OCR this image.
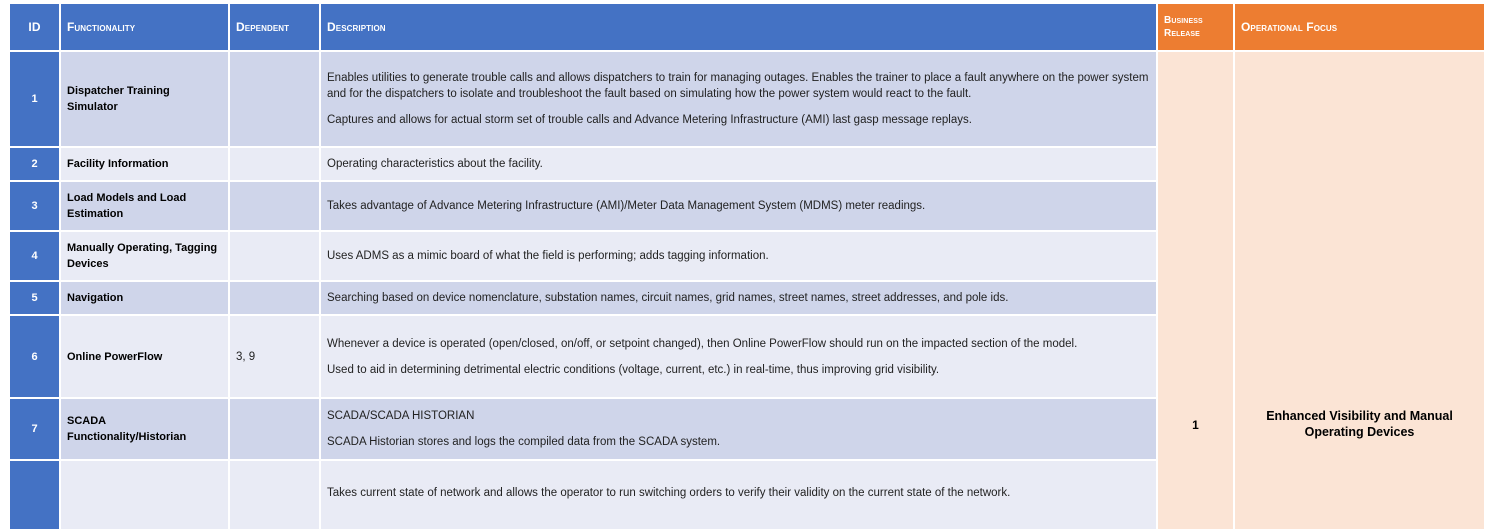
ID	Functionality	Dependent	Description	Business Release	Operational Focus
1	Dispatcher Training Simulator		Enables utilities to generate trouble calls and allows dispatchers to train for managing outages. Enables the trainer to place a fault anywhere on the power system and for the dispatchers to isolate and troubleshoot the fault based on simulating how the power system would react to the fault.

Captures and allows for actual storm set of trouble calls and Advance Metering Infrastructure (AMI) last gasp message replays.	1	Enhanced Visibility and Manual Operating Devices
2	Facility Information		Operating characteristics about the facility.		

3	Load Models and Load Estimation		Takes advantage of Advance Metering Infrastructure (AMI)/Meter Data Management System (MDMS) meter readings.		

4	Manually Operating, Tagging Devices		Uses ADMS as a mimic board of what the field is performing; adds tagging information.		

5	Navigation		Searching based on device nomenclature, substation names, circuit names, grid names, street names, street addresses, and pole ids.		

6	Online PowerFlow	3, 9	Whenever a device is operated (open/closed, on/off, or setpoint changed), then Online PowerFlow should run on the impacted section of the model.

Used to aid in determining detrimental electric conditions (voltage, current, etc.) in real-time, thus improving grid visibility.		

7	SCADA Functionality/Historian		SCADA/SCADA HISTORIAN

SCADA Historian stores and logs the compiled data from the SCADA system.		

			Takes current state of network and allows the operator to run switching orders to verify their validity on the current state of the network.		
